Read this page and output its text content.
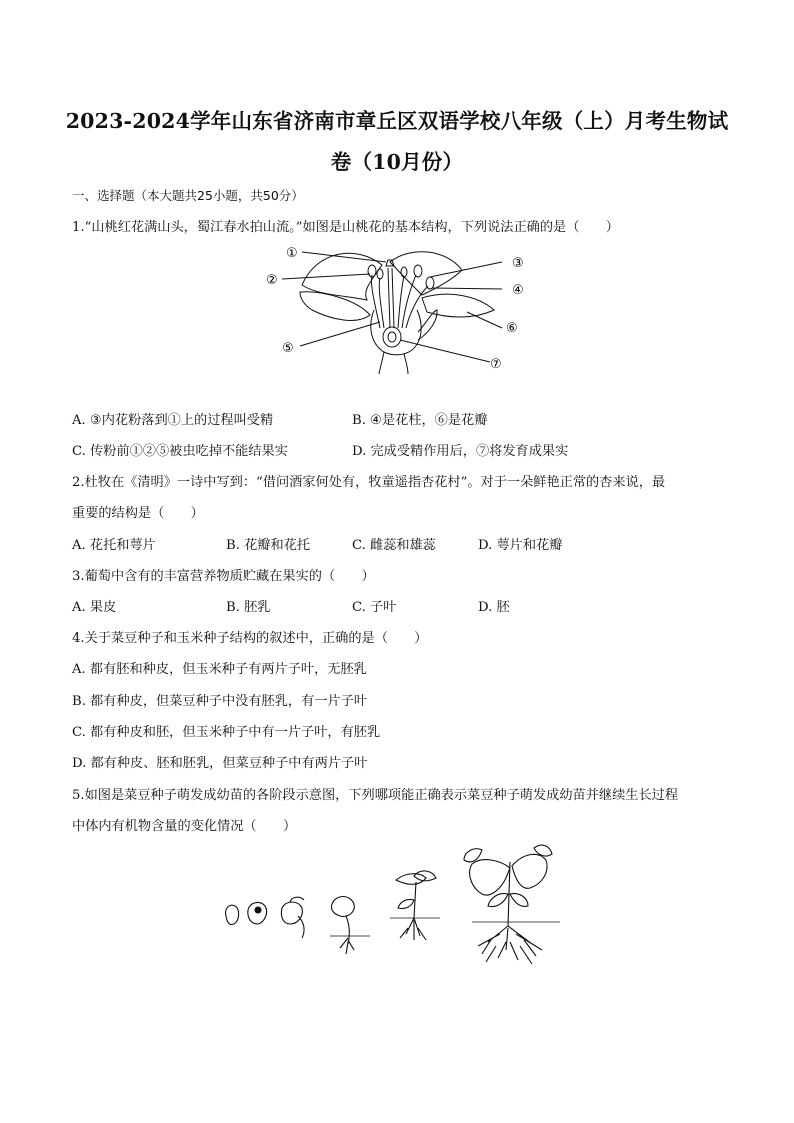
2023-2024学年山东省济南市章丘区双语学校八年级（上）月考生物试
卷（10月份）
一、选择题（本大题共25小题，共50分）
1.“山桃红花满山头，蜀江春水拍山流。”如图是山桃花的基本结构，下列说法正确的是（　　）
①
②
③
④
⑤
⑥
⑦
A. ③内花粉落到①上的过程叫受精	B. ④是花柱，⑥是花瓣
C. 传粉前①②⑤被虫吃掉不能结果实	D. 完成受精作用后，⑦将发育成果实
2.杜牧在《清明》一诗中写到：“借问酒家何处有，牧童遥指杏花村”。对于一朵鲜艳正常的杏来说，最
重要的结构是（　　）
A. 花托和萼片	B. 花瓣和花托	C. 雌蕊和雄蕊	D. 萼片和花瓣
3.葡萄中含有的丰富营养物质贮藏在果实的（　　）
A. 果皮	B. 胚乳	C. 子叶	D. 胚
4.关于菜豆种子和玉米种子结构的叙述中，正确的是（　　）
A. 都有胚和种皮，但玉米种子有两片子叶，无胚乳
B. 都有种皮，但菜豆种子中没有胚乳，有一片子叶
C. 都有种皮和胚，但玉米种子中有一片子叶，有胚乳
D. 都有种皮、胚和胚乳，但菜豆种子中有两片子叶
5.如图是菜豆种子萌发成幼苗的各阶段示意图，下列哪项能正确表示菜豆种子萌发成幼苗并继续生长过程
中体内有机物含量的变化情况（　　）
